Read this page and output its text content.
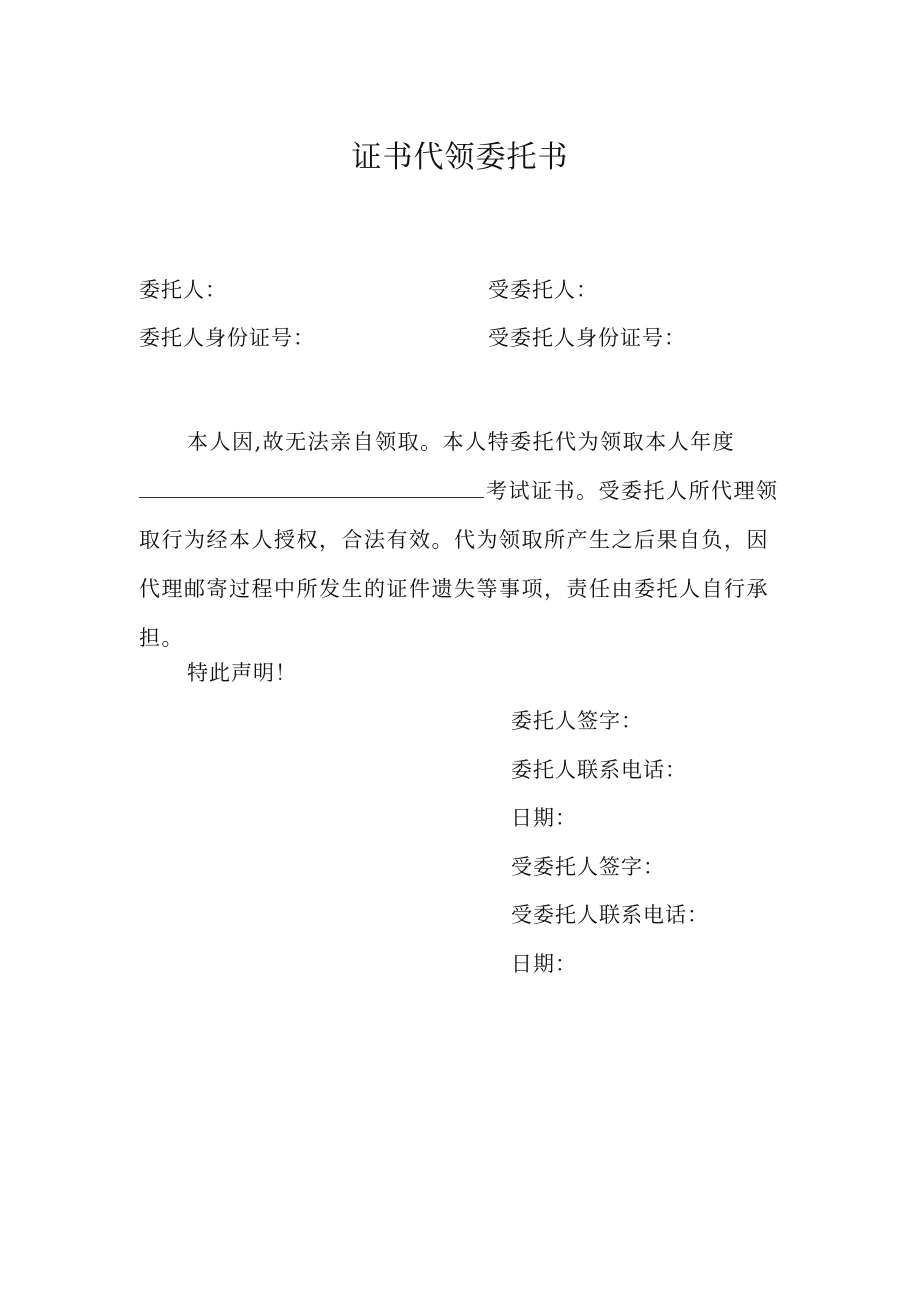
证书代领委托书
委托人：	受委托人：
委托人身份证号：	受委托人身份证号：

本人因,故无法亲自领取。本人特委托代为领取本人年度
考试证书。受委托人所代理领取行为经本人授权，合法有效。代为领取所产生之后果自负，因代理邮寄过程中所发生的证件遗失等事项，责任由委托人自行承担。

特此声明！
委托人签字：
委托人联系电话：
日期：
受委托人签字：
受委托人联系电话：
日期：
